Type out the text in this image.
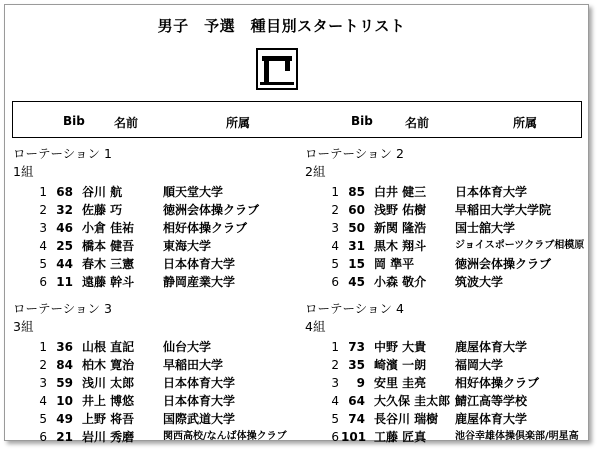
男子　予選　種目別スタートリスト
Bib 名前	所属	Bib	名前	所属
ローテーション 1
1組
1 68 谷川 航	順天堂大学
2 32 佐藤 巧	徳洲会体操クラブ
3 46 小倉 佳祐 相好体操クラブ
4 25 橋本 健吾 東海大学
5 44 春木 三憲 日本体育大学
6 11 遠藤 幹斗 静岡産業大学
ローテーション 2
2組
1 85 白井 健三 日本体育大学
2 60 浅野 佑樹 早稲田大学大学院
3 50 新関 隆浩 国士舘大学
4 31 黒木 翔斗	ジョイスポーツクラブ相模原
5 15 岡 準平	徳洲会体操クラブ
6 45 小森 敬介 筑波大学
ローテーション 3
3組
1 36 山根 直記 仙台大学
2 84 柏木 寛治 早稲田大学
3 59 浅川 太郎 日本体育大学
4 10 井上 博悠 日本体育大学
5 49 上野 将吾 国際武道大学
6 21 岩川 秀磨	関西高校/なんば体操クラブ
ローテーション 4
4組
1 73 中野 大貴 鹿屋体育大学
2 35 崎濱 一朗 福岡大学
3	9 安里 圭亮 相好体操クラブ
4 64 大久保 圭太郎 鯖江高等学校
5 74 長谷川 瑞樹 鹿屋体育大学
6 101 工藤 匠真	池谷幸雄体操倶楽部/明星高
